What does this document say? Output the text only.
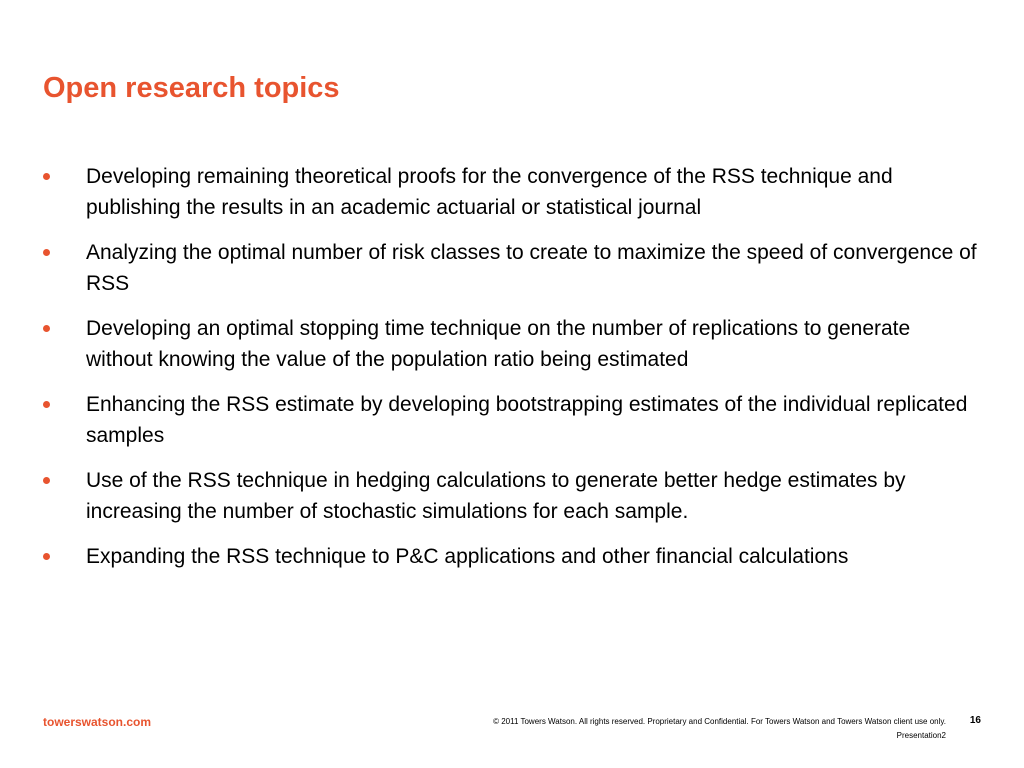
Open research topics
Developing remaining theoretical proofs for the convergence of the RSS technique and publishing the results in an academic actuarial or statistical journal
Analyzing the optimal number of risk classes to create to maximize the speed of convergence of RSS
Developing an optimal stopping time technique on the number of replications to generate without knowing the value of the population ratio being estimated
Enhancing the RSS estimate by developing bootstrapping estimates of the individual replicated samples
Use of the RSS technique in hedging calculations to generate better hedge estimates by increasing the number of stochastic simulations for each sample.
Expanding the RSS technique to P&C applications and other financial calculations
towerswatson.com	© 2011 Towers Watson. All rights reserved. Proprietary and Confidential. For Towers Watson and Towers Watson client use only. 16
Presentation2
